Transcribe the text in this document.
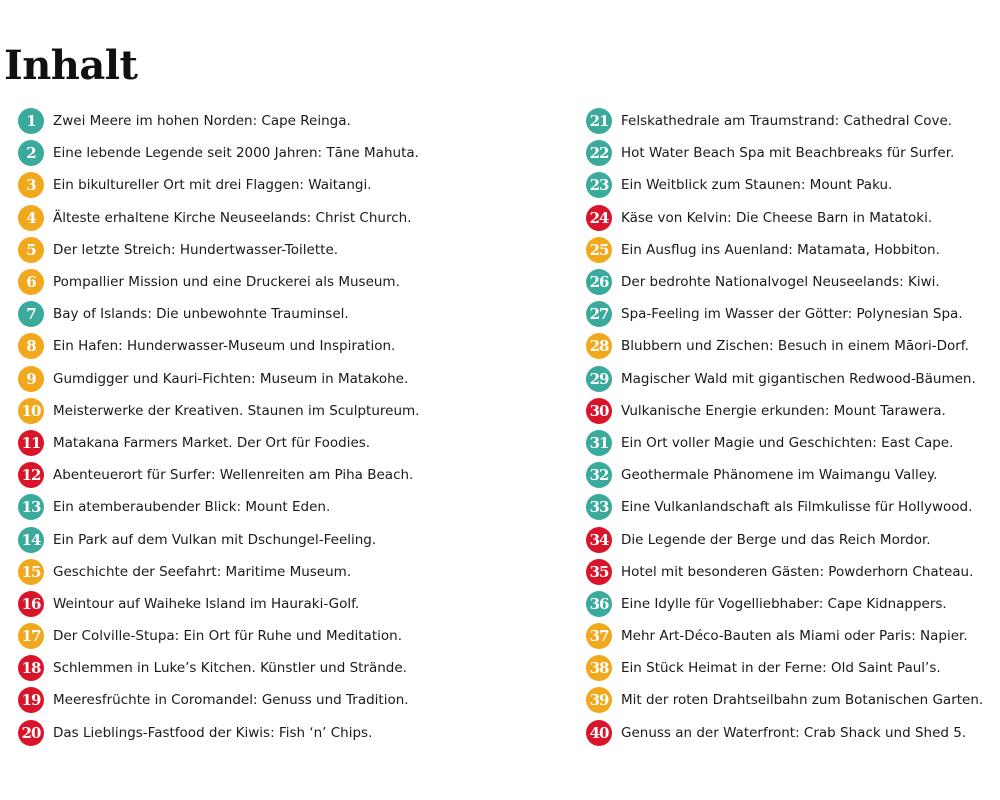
Inhalt
1	Zwei Meere im hohen Norden: Cape Reinga.
2	Eine lebende Legende seit 2000 Jahren: Tāne Mahuta.
3	Ein bikultureller Ort mit drei Flaggen: Waitangi.
4	Älteste erhaltene Kirche Neuseelands: Christ Church.
5	Der letzte Streich: Hundertwasser-Toilette.
6	Pompallier Mission und eine Druckerei als Museum.
7	Bay of Islands: Die unbewohnte Trauminsel.
8	Ein Hafen: Hunderwasser-Museum und Inspiration.
9	Gumdigger und Kauri-Fichten: Museum in Matakohe.
10 Meisterwerke der Kreativen. Staunen im Sculptureum.
11 Matakana Farmers Market. Der Ort für Foodies.
12 Abenteuerort für Surfer: Wellenreiten am Piha Beach.
13 Ein atemberaubender Blick: Mount Eden.
14 Ein Park auf dem Vulkan mit Dschungel-Feeling.
15 Geschichte der Seefahrt: Maritime Museum.
16 Weintour auf Waiheke Island im Hauraki-Golf.
17 Der Colville-Stupa: Ein Ort für Ruhe und Meditation.
18 Schlemmen in Luke’s Kitchen. Künstler und Strände.
19 Meeresfrüchte in Coromandel: Genuss und Tradition.
20 Das Lieblings-Fastfood der Kiwis: Fish ‘n’ Chips.
21 Felskathedrale am Traumstrand: Cathedral Cove.
22 Hot Water Beach Spa mit Beachbreaks für Surfer.
23 Ein Weitblick zum Staunen: Mount Paku.
24 Käse von Kelvin: Die Cheese Barn in Matatoki.
25 Ein Ausflug ins Auenland: Matamata, Hobbiton.
26 Der bedrohte Nationalvogel Neuseelands: Kiwi.
27 Spa-Feeling im Wasser der Götter: Polynesian Spa.
28 Blubbern und Zischen: Besuch in einem Māori-Dorf.
29 Magischer Wald mit gigantischen Redwood-Bäumen.
30 Vulkanische Energie erkunden: Mount Tarawera.
31 Ein Ort voller Magie und Geschichten: East Cape.
32 Geothermale Phänomene im Waimangu Valley.
33 Eine Vulkanlandschaft als Filmkulisse für Hollywood.
34 Die Legende der Berge und das Reich Mordor.
35 Hotel mit besonderen Gästen: Powderhorn Chateau.
36 Eine Idylle für Vogelliebhaber: Cape Kidnappers.
37 Mehr Art-Déco-Bauten als Miami oder Paris: Napier.
38 Ein Stück Heimat in der Ferne: Old Saint Paul’s.
39 Mit der roten Drahtseilbahn zum Botanischen Garten.
40 Genuss an der Waterfront: Crab Shack und Shed 5.
